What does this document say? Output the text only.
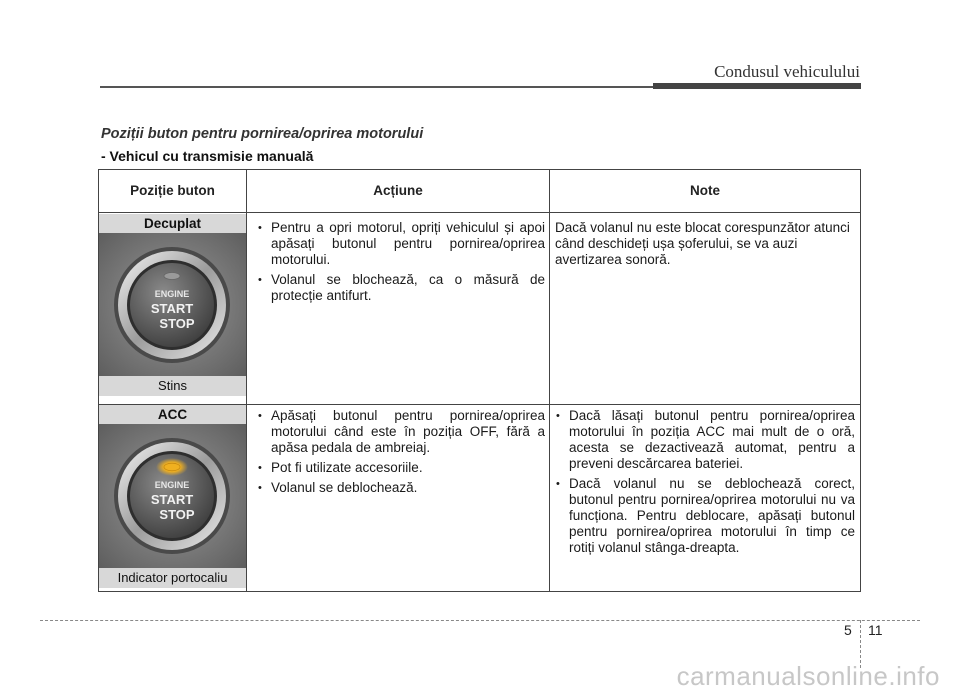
Condusul vehiculului
Poziții buton pentru pornirea/oprirea motorului
- Vehicul cu transmisie manuală
Poziție buton	Acțiune	Note
Decuplat
ENGINE
START
STOP
Stins
• Pentru a opri motorul, opriți vehiculul și apoi apăsați butonul pentru pornirea/oprirea motorului.
• Volanul se blochează, ca o măsură de protecție antifurt.
Dacă volanul nu este blocat corespunzător atunci când deschideți ușa șoferului, se va auzi avertizarea sonoră.
ACC
ENGINE
START
STOP
Indicator portocaliu
• Apăsați butonul pentru pornirea/oprirea motorului când este în poziția OFF, fără a apăsa pedala de ambreiaj.
• Pot fi utilizate accesoriile.
• Volanul se deblochează.
• Dacă lăsați butonul pentru pornirea/oprirea motorului în poziția ACC mai mult de o oră, acesta se dezactivează automat, pentru a preveni descărcarea bateriei.
• Dacă volanul nu se deblochează corect, butonul pentru pornirea/oprirea motorului nu va funcționa. Pentru deblocare, apăsați butonul pentru pornirea/oprirea motorului în timp ce rotiți volanul stânga-dreapta.
5 11
carmanualsonline.info
